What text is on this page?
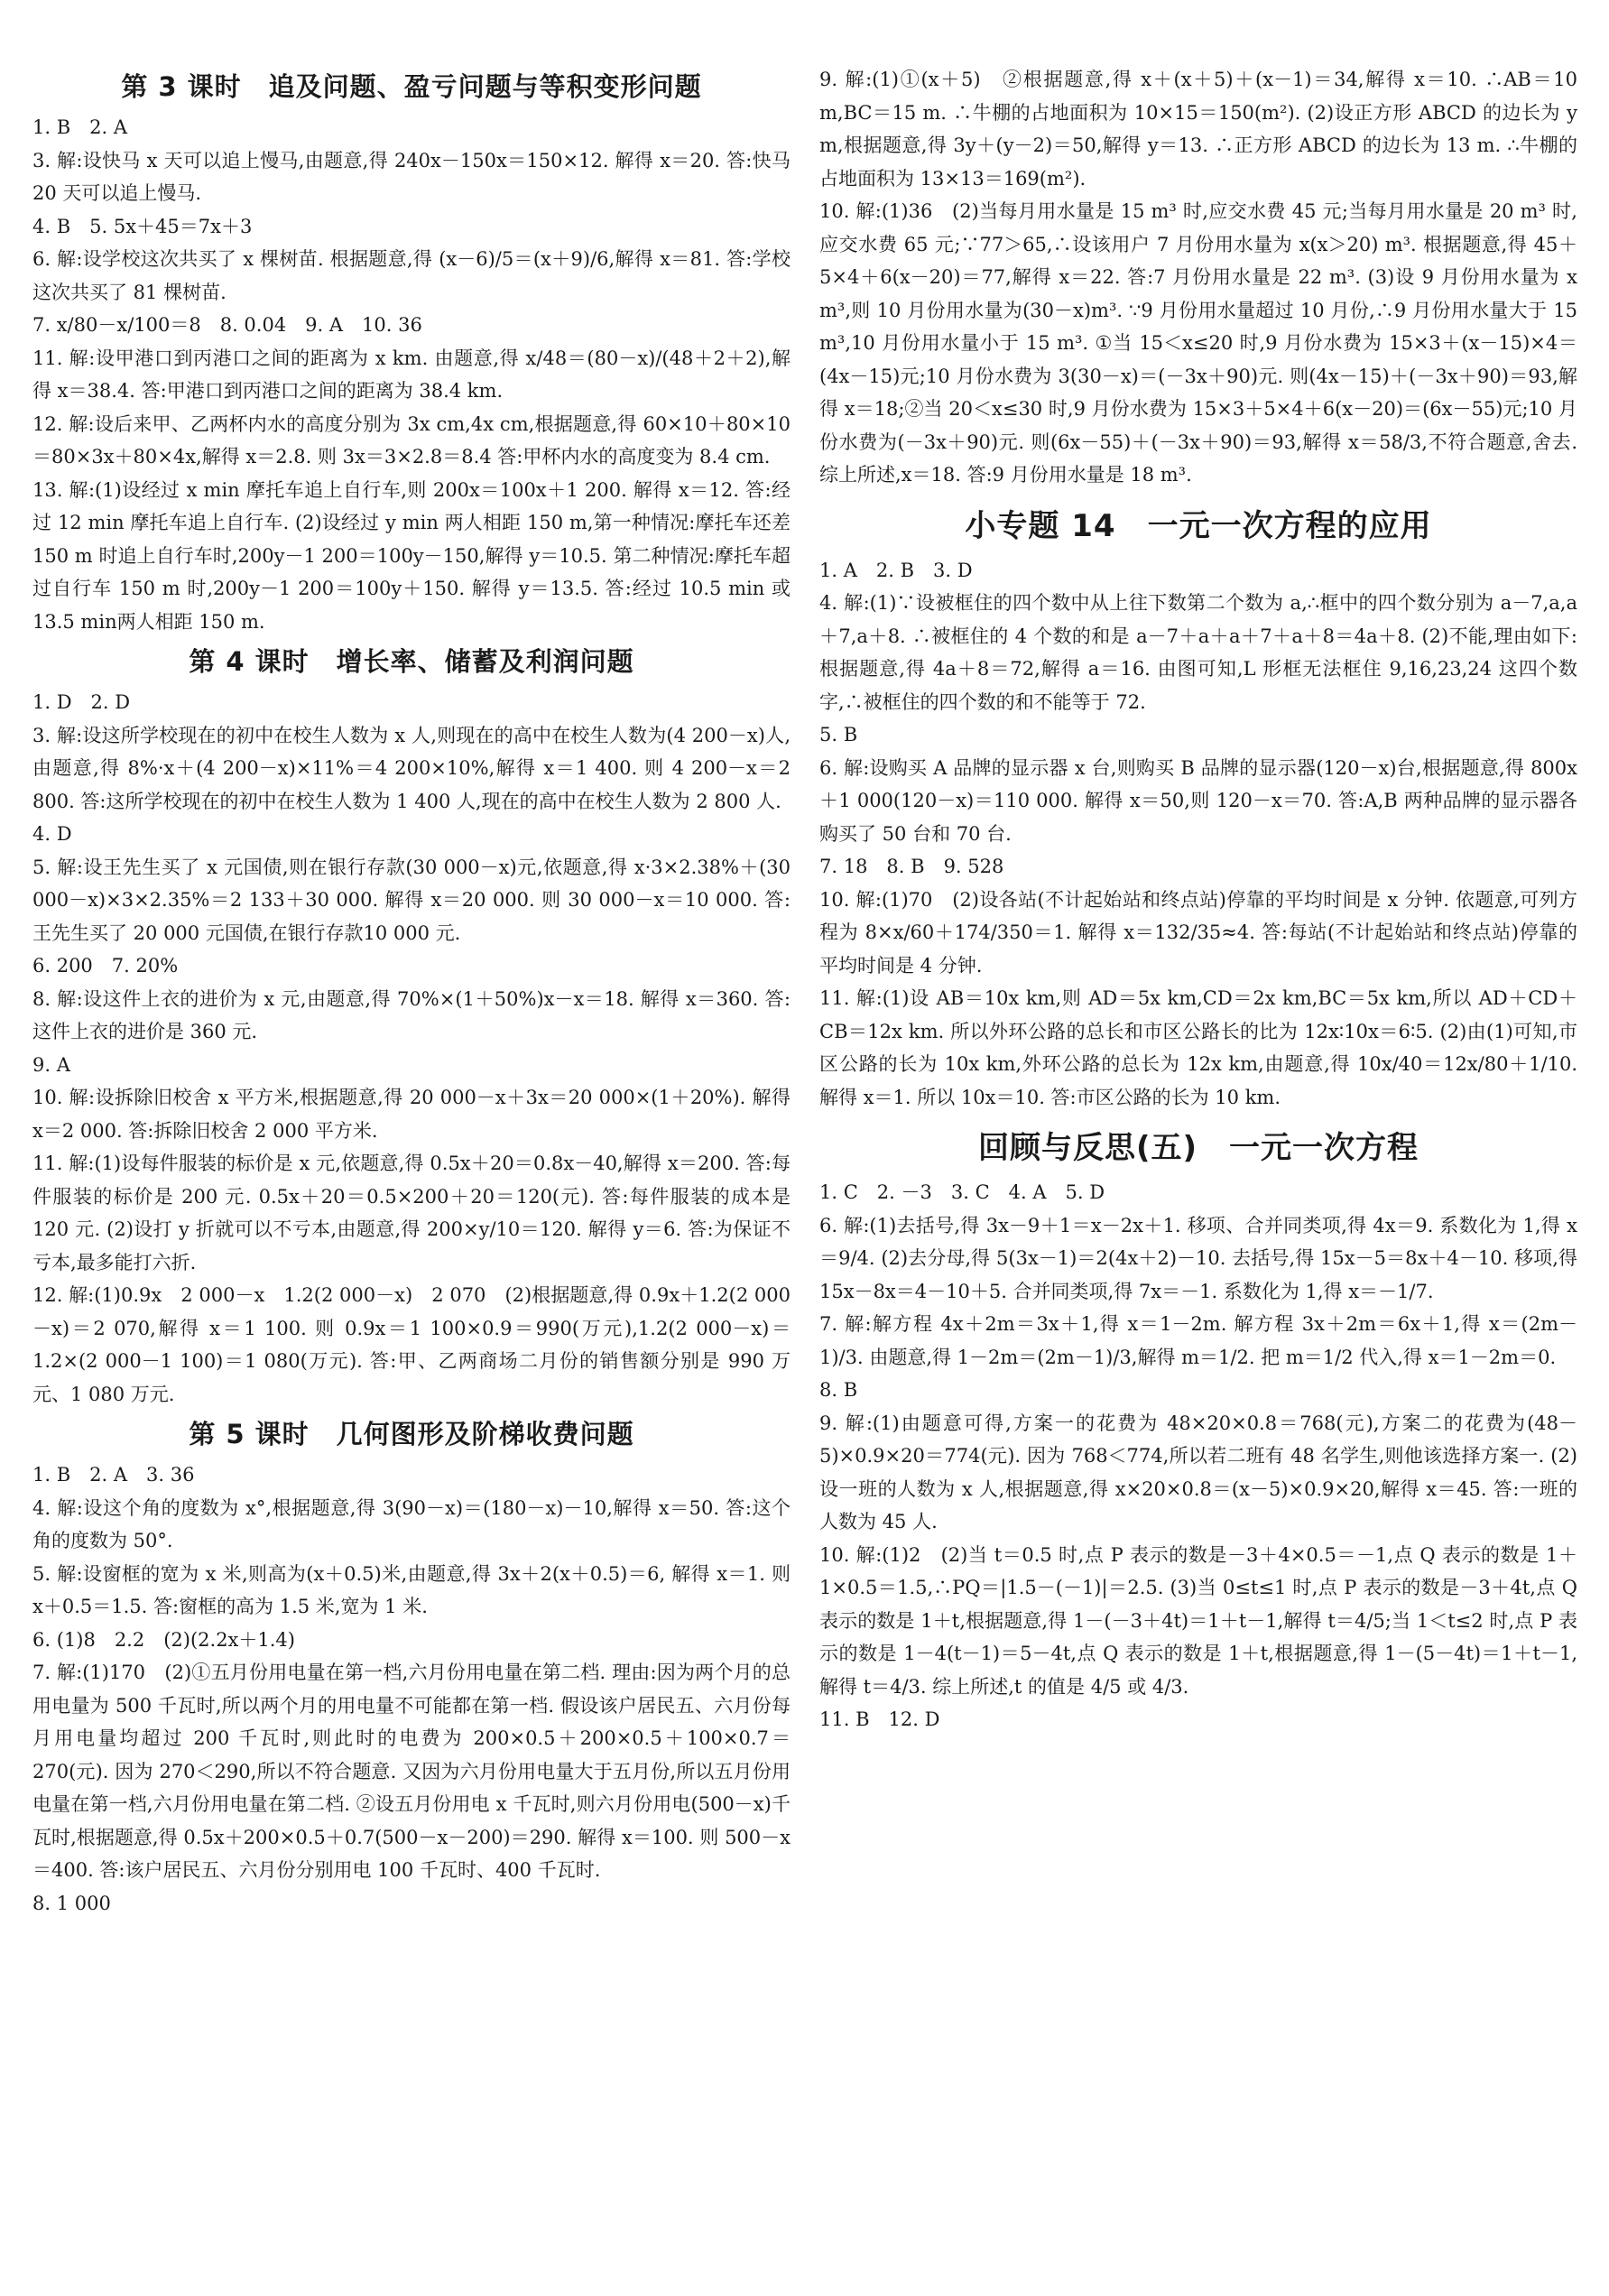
第 3 课时　追及问题、盈亏问题与等积变形问题

1. B　2. A

3. 解:设快马 x 天可以追上慢马,由题意,得 240x－150x＝150×12. 解得 x＝20. 答:快马 20 天可以追上慢马.

4. B　5. 5x＋45＝7x＋3

6. 解:设学校这次共买了 x 棵树苗. 根据题意,得 (x－6)/5＝(x＋9)/6,解得 x＝81. 答:学校这次共买了 81 棵树苗.

7. x/80－x/100＝8　8. 0.04　9. A　10. 36

11. 解:设甲港口到丙港口之间的距离为 x km. 由题意,得 x/48＝(80－x)/(48＋2＋2),解得 x＝38.4. 答:甲港口到丙港口之间的距离为 38.4 km.

12. 解:设后来甲、乙两杯内水的高度分别为 3x cm,4x cm,根据题意,得 60×10＋80×10＝80×3x＋80×4x,解得 x＝2.8. 则 3x＝3×2.8＝8.4 答:甲杯内水的高度变为 8.4 cm.

13. 解:(1)设经过 x min 摩托车追上自行车,则 200x＝100x＋1 200. 解得 x＝12. 答:经过 12 min 摩托车追上自行车. (2)设经过 y min 两人相距 150 m,第一种情况:摩托车还差 150 m 时追上自行车时,200y－1 200＝100y－150,解得 y＝10.5. 第二种情况:摩托车超过自行车 150 m 时,200y－1 200＝100y＋150. 解得 y＝13.5. 答:经过 10.5 min 或 13.5 min两人相距 150 m.

第 4 课时　增长率、储蓄及利润问题

1. D　2. D

3. 解:设这所学校现在的初中在校生人数为 x 人,则现在的高中在校生人数为(4 200－x)人,由题意,得 8%·x＋(4 200－x)×11%＝4 200×10%,解得 x＝1 400. 则 4 200－x＝2 800. 答:这所学校现在的初中在校生人数为 1 400 人,现在的高中在校生人数为 2 800 人.

4. D

5. 解:设王先生买了 x 元国债,则在银行存款(30 000－x)元,依题意,得 x·3×2.38%＋(30 000－x)×3×2.35%＝2 133＋30 000. 解得 x＝20 000. 则 30 000－x＝10 000. 答:王先生买了 20 000 元国债,在银行存款10 000 元.

6. 200　7. 20%

8. 解:设这件上衣的进价为 x 元,由题意,得 70%×(1＋50%)x－x＝18. 解得 x＝360. 答:这件上衣的进价是 360 元.

9. A

10. 解:设拆除旧校舍 x 平方米,根据题意,得 20 000－x＋3x＝20 000×(1＋20%). 解得 x＝2 000. 答:拆除旧校舍 2 000 平方米.

11. 解:(1)设每件服装的标价是 x 元,依题意,得 0.5x＋20＝0.8x－40,解得 x＝200. 答:每件服装的标价是 200 元. 0.5x＋20＝0.5×200＋20＝120(元). 答:每件服装的成本是 120 元. (2)设打 y 折就可以不亏本,由题意,得 200×y/10＝120. 解得 y＝6. 答:为保证不亏本,最多能打六折.

12. 解:(1)0.9x　2 000－x　1.2(2 000－x)　2 070　(2)根据题意,得 0.9x＋1.2(2 000－x)＝2 070,解得 x＝1 100. 则 0.9x＝1 100×0.9＝990(万元),1.2(2 000－x)＝1.2×(2 000－1 100)＝1 080(万元). 答:甲、乙两商场二月份的销售额分别是 990 万元、1 080 万元.

第 5 课时　几何图形及阶梯收费问题

1. B　2. A　3. 36

4. 解:设这个角的度数为 x°,根据题意,得 3(90－x)＝(180－x)－10,解得 x＝50. 答:这个角的度数为 50°.

5. 解:设窗框的宽为 x 米,则高为(x＋0.5)米,由题意,得 3x＋2(x＋0.5)＝6, 解得 x＝1. 则 x＋0.5＝1.5. 答:窗框的高为 1.5 米,宽为 1 米.

6. (1)8　2.2　(2)(2.2x＋1.4)

7. 解:(1)170　(2)①五月份用电量在第一档,六月份用电量在第二档. 理由:因为两个月的总用电量为 500 千瓦时,所以两个月的用电量不可能都在第一档. 假设该户居民五、六月份每月用电量均超过 200 千瓦时,则此时的电费为 200×0.5＋200×0.5＋100×0.7＝270(元). 因为 270＜290,所以不符合题意. 又因为六月份用电量大于五月份,所以五月份用电量在第一档,六月份用电量在第二档. ②设五月份用电 x 千瓦时,则六月份用电(500－x)千瓦时,根据题意,得 0.5x＋200×0.5＋0.7(500－x－200)＝290. 解得 x＝100. 则 500－x＝400. 答:该户居民五、六月份分别用电 100 千瓦时、400 千瓦时.

8. 1 000

9. 解:(1)①(x＋5)　②根据题意,得 x＋(x＋5)＋(x－1)＝34,解得 x＝10. ∴AB＝10 m,BC＝15 m. ∴牛棚的占地面积为 10×15＝150(m²). (2)设正方形 ABCD 的边长为 y m,根据题意,得 3y＋(y－2)＝50,解得 y＝13. ∴正方形 ABCD 的边长为 13 m. ∴牛棚的占地面积为 13×13＝169(m²).

10. 解:(1)36　(2)当每月用水量是 15 m³ 时,应交水费 45 元;当每月用水量是 20 m³ 时,应交水费 65 元;∵77＞65,∴设该用户 7 月份用水量为 x(x＞20) m³. 根据题意,得 45＋5×4＋6(x－20)＝77,解得 x＝22. 答:7 月份用水量是 22 m³. (3)设 9 月份用水量为 x m³,则 10 月份用水量为(30－x)m³. ∵9 月份用水量超过 10 月份,∴9 月份用水量大于 15 m³,10 月份用水量小于 15 m³. ①当 15＜x≤20 时,9 月份水费为 15×3＋(x－15)×4＝(4x－15)元;10 月份水费为 3(30－x)＝(－3x＋90)元. 则(4x－15)＋(－3x＋90)＝93,解得 x＝18;②当 20＜x≤30 时,9 月份水费为 15×3＋5×4＋6(x－20)＝(6x－55)元;10 月份水费为(－3x＋90)元. 则(6x－55)＋(－3x＋90)＝93,解得 x＝58/3,不符合题意,舍去. 综上所述,x＝18. 答:9 月份用水量是 18 m³.

小专题 14　一元一次方程的应用

1. A　2. B　3. D

4. 解:(1)∵设被框住的四个数中从上往下数第二个数为 a,∴框中的四个数分别为 a－7,a,a＋7,a＋8. ∴被框住的 4 个数的和是 a－7＋a＋a＋7＋a＋8＝4a＋8. (2)不能,理由如下:根据题意,得 4a＋8＝72,解得 a＝16. 由图可知,L 形框无法框住 9,16,23,24 这四个数字,∴被框住的四个数的和不能等于 72.

5. B

6. 解:设购买 A 品牌的显示器 x 台,则购买 B 品牌的显示器(120－x)台,根据题意,得 800x＋1 000(120－x)＝110 000. 解得 x＝50,则 120－x＝70. 答:A,B 两种品牌的显示器各购买了 50 台和 70 台.

7. 18　8. B　9. 528

10. 解:(1)70　(2)设各站(不计起始站和终点站)停靠的平均时间是 x 分钟. 依题意,可列方程为 8×x/60＋174/350＝1. 解得 x＝132/35≈4. 答:每站(不计起始站和终点站)停靠的平均时间是 4 分钟.

11. 解:(1)设 AB＝10x km,则 AD＝5x km,CD＝2x km,BC＝5x km,所以 AD＋CD＋CB＝12x km. 所以外环公路的总长和市区公路长的比为 12x∶10x＝6∶5. (2)由(1)可知,市区公路的长为 10x km,外环公路的总长为 12x km,由题意,得 10x/40＝12x/80＋1/10. 解得 x＝1. 所以 10x＝10. 答:市区公路的长为 10 km.

回顾与反思(五)　一元一次方程

1. C　2. －3　3. C　4. A　5. D

6. 解:(1)去括号,得 3x－9＋1＝x－2x＋1. 移项、合并同类项,得 4x＝9. 系数化为 1,得 x＝9/4. (2)去分母,得 5(3x－1)＝2(4x＋2)－10. 去括号,得 15x－5＝8x＋4－10. 移项,得 15x－8x＝4－10＋5. 合并同类项,得 7x＝－1. 系数化为 1,得 x＝－1/7.

7. 解:解方程 4x＋2m＝3x＋1,得 x＝1－2m. 解方程 3x＋2m＝6x＋1,得 x＝(2m－1)/3. 由题意,得 1－2m＝(2m－1)/3,解得 m＝1/2. 把 m＝1/2 代入,得 x＝1－2m＝0.

8. B

9. 解:(1)由题意可得,方案一的花费为 48×20×0.8＝768(元),方案二的花费为(48－5)×0.9×20＝774(元). 因为 768＜774,所以若二班有 48 名学生,则他该选择方案一. (2)设一班的人数为 x 人,根据题意,得 x×20×0.8＝(x－5)×0.9×20,解得 x＝45. 答:一班的人数为 45 人.

10. 解:(1)2　(2)当 t＝0.5 时,点 P 表示的数是－3＋4×0.5＝－1,点 Q 表示的数是 1＋1×0.5＝1.5,∴PQ＝|1.5－(－1)|＝2.5. (3)当 0≤t≤1 时,点 P 表示的数是－3＋4t,点 Q 表示的数是 1＋t,根据题意,得 1－(－3＋4t)＝1＋t－1,解得 t＝4/5;当 1＜t≤2 时,点 P 表示的数是 1－4(t－1)＝5－4t,点 Q 表示的数是 1＋t,根据题意,得 1－(5－4t)＝1＋t－1,解得 t＝4/3. 综上所述,t 的值是 4/5 或 4/3.

11. B　12. D
